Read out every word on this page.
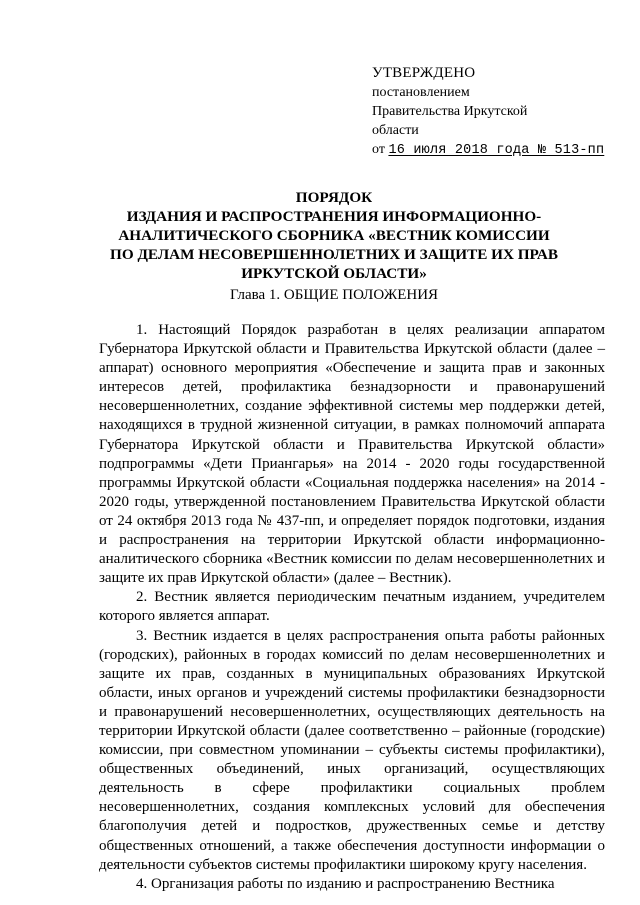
УТВЕРЖДЕНО
постановлением
Правительства Иркутской
области
от 16 июля 2018 года № 513-пп
ПОРЯДОК
ИЗДАНИЯ И РАСПРОСТРАНЕНИЯ ИНФОРМАЦИОННО-
АНАЛИТИЧЕСКОГО СБОРНИКА «ВЕСТНИК КОМИССИИ
ПО ДЕЛАМ НЕСОВЕРШЕННОЛЕТНИХ И ЗАЩИТЕ ИХ ПРАВ
ИРКУТСКОЙ ОБЛАСТИ»
Глава 1. ОБЩИЕ ПОЛОЖЕНИЯ

1. Настоящий Порядок разработан в целях реализации аппаратом Губернатора Иркутской области и Правительства Иркутской области (далее – аппарат) основного мероприятия «Обеспечение и защита прав и законных интересов детей, профилактика безнадзорности и правонарушений несовершеннолетних, создание эффективной системы мер поддержки детей, находящихся в трудной жизненной ситуации, в рамках полномочий аппарата Губернатора Иркутской области и Правительства Иркутской области» подпрограммы «Дети Приангарья» на 2014 - 2020 годы государственной программы Иркутской области «Социальная поддержка населения» на 2014 - 2020 годы, утвержденной постановлением Правительства Иркутской области от 24 октября 2013 года № 437-пп, и определяет порядок подготовки, издания и распространения на территории Иркутской области информационно-аналитического сборника «Вестник комиссии по делам несовершеннолетних и защите их прав Иркутской области» (далее – Вестник).

2. Вестник является периодическим печатным изданием, учредителем которого является аппарат.

3. Вестник издается в целях распространения опыта работы районных (городских), районных в городах комиссий по делам несовершеннолетних и защите их прав, созданных в муниципальных образованиях Иркутской области, иных органов и учреждений системы профилактики безнадзорности и правонарушений несовершеннолетних, осуществляющих деятельность на территории Иркутской области (далее соответственно – районные (городские) комиссии, при совместном упоминании – субъекты системы профилактики), общественных объединений, иных организаций, осуществляющих деятельность в сфере профилактики социальных проблем несовершеннолетних, создания комплексных условий для обеспечения благополучия детей и подростков, дружественных семье и детству общественных отношений, а также обеспечения доступности информации о деятельности субъектов системы профилактики широкому кругу населения.

4. Организация работы по изданию и распространению Вестника
